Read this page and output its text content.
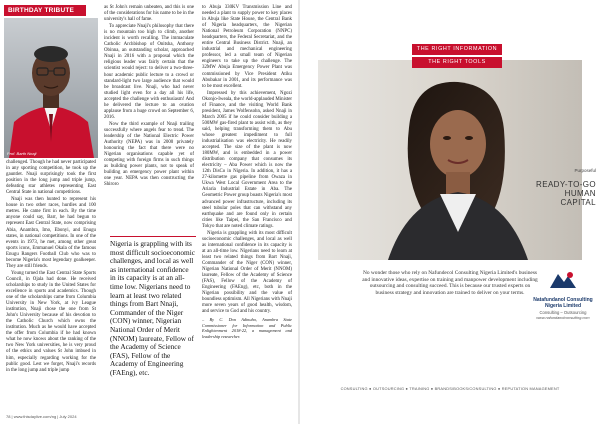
BIRTHDAY TRIBUTE
Prof. Barth Nnaji

challenged. Though he had never participated in any sporting competition, he took up the gauntlet. Nnaji surprisingly took the first position in the long jump and triple jump, defeating star athletes representing East Central State in national competitions.

Nnaji was then hunted to represent his house in two other races, hurdles and 100 metres. He came first in each. By the time anyone could say, Barr, he had begun to represent East Central State, now comprising Abia, Anambra, Imo, Ebonyi, and Enugu states, in national competitions. In one of the events in 1973, he met, among other great sports icons, Emmanuel Okala of the famous Enugu Rangers Football Club who was to become Nigeria's most legendary goalkeeper. They are still friends.

Young turned the East Central State Sports Council, in Ojala had done. He received scholarships to study in the United States for excellence in sports and academics. Though one of the scholarships came from Columbia University in New York, at ivy League institution, Nnaji chose the one from St John's University because of his devotion to the Catholic Church which owns the institution. Much as he would have accepted the offer from Columbia if he had known what he now knows about the ranking of the two New York universities, he is very proud of the ethics and values St John imbued in him, especially regarding working for the public good. Lest we forget, Nnaji's records in the long jump and triple jump

as St John's remain unbeaten, and this is one of the considerations for his name to be in the university's hall of fame.

To appreciate Nnaji's philosophy that there is no mountain too high to climb, another incident is worth recalling. The immaculate Catholic Archbishop of Onitsha, Anthony Obinna, an outstanding scholar, approached Nnaji in 2016 with a proposal which the religious leader was fairly certain that the scientist would reject: to deliver a two-three-hour academic public lecture to a crowd or standard-light two large audience that would be broadcast live. Nnaji, who had never studied light even for a day all his life, accepted the challenge with enthusiasm! And he delivered the lecture to an ovation applause from a huge crowd on September 6, 2016.

Now the third example of Nnaji trailing successfully where angels fear to tread. The leadership of the National Electric Power Authority (NEPA) was in 2000 privately honouring the fact that there were no Nigerian organisations capable yet of competing with foreign firms in such things as building power plants, not to speak of building an emergency power plant within one year. NEPA was then constructing the Shiroro

Nigeria is grappling with its most difficult socioeconomic challenges, and local as well as international confidence in its capacity is at an all-time low. Nigerians need to learn at least two related things from Bart Nnaji, Commander of the Niger (CON) winner, Nigerian National Order of Merit (NNOM) laureate, Fellow of the Academy of Science (FAS), Fellow of the Academy of Engineering (FAEng), etc.

to Abuja 330KV Transmission Line and needed a plant to supply power to key places in Abuja like State House, the Central Bank of Nigeria headquarters, the Nigerian National Petroleum Corporation (NNPC) headquarters, the Federal Secretariat, and the entire Central Business District. Nnaji, an industrial and mechanical engineering professor, led a small team of Nigerian engineers to take up the challenge. The 32MW Abuja Emergency Power Plant was commissioned by Vice President Atiku Abubakar in 2001, and its performance was to be most excellent.

Impressed by this achievement, Ngozi Okonjo-Iweala, the world-applauded Minister of Finance, and the visiting World Bank president, James Wolfensohn, asked Nnaji in March 2005 if he could consider building a 500MW gas-fired plant to assist with, as they said, helping transforming them to Abu whose greatest impediment to full industrialisation was electricity. He readily accepted. The size of the plant is now 180MW, and is embedded in a power distribution company that consumes its electricity – Aba Power which is now the 12th DisCo in Nigeria. In addition, it has a 27-kilometre gas pipeline from Owaza in Ukwa West Local Government Area to the Ariaria Industrial Estate in Aba. The Geometric Power group boasts Nigeria's most advanced power infrastructure, including its steel tubular poles that can withstand any earthquake and are found only in certain cities like Taipei, the San Francisco and Tokyo that are noted climate ratings.

Nigeria is grappling with its most difficult socioeconomic challenges, and local as well as international confidence in its capacity is at an all-time low. Nigerians need to learn at least two related things from Bart Nnaji, Commander of the Niger (CON) winner, Nigerian National Order of Merit (NNOM) laureate, Fellow of the Academy of Science (FAS), Fellow of the Academy of Engineering (FAEng), etc, both in the Nigerian possibility and the value of boundless optimism. All Nigerians with Nnaji more seven years of good health, wisdom, and service to God and his country.

– By C. Don Adinuba, Anambra State Commissioner for Information and Public Enlightenment 2018-22, a management and leadership researcher.
78 | www.thisdaylive.com/ng | July 2024
THE RIGHT INFORMATION
THE RIGHT TOOLS
Purposeful
READY-TO-GO HUMAN CAPITAL
No wonder those who rely on Nafundecol Consulting Nigeria Limited's business and innovative ideas, expertise on training and manpower development including outsourcing and consulting succeed. This is because our trusted experts on business strategy and innovation are trained to deliver on your terms.
Natafundanol Consulting Nigeria Limited
Consulting – Outsourcing
www.nafundanolconsulting.com
CONSULTING ● OUTSOURCING ● TRAINING ● BRANDS/BOOKS/CONSULTING ● REPUTATION MANAGEMENT
